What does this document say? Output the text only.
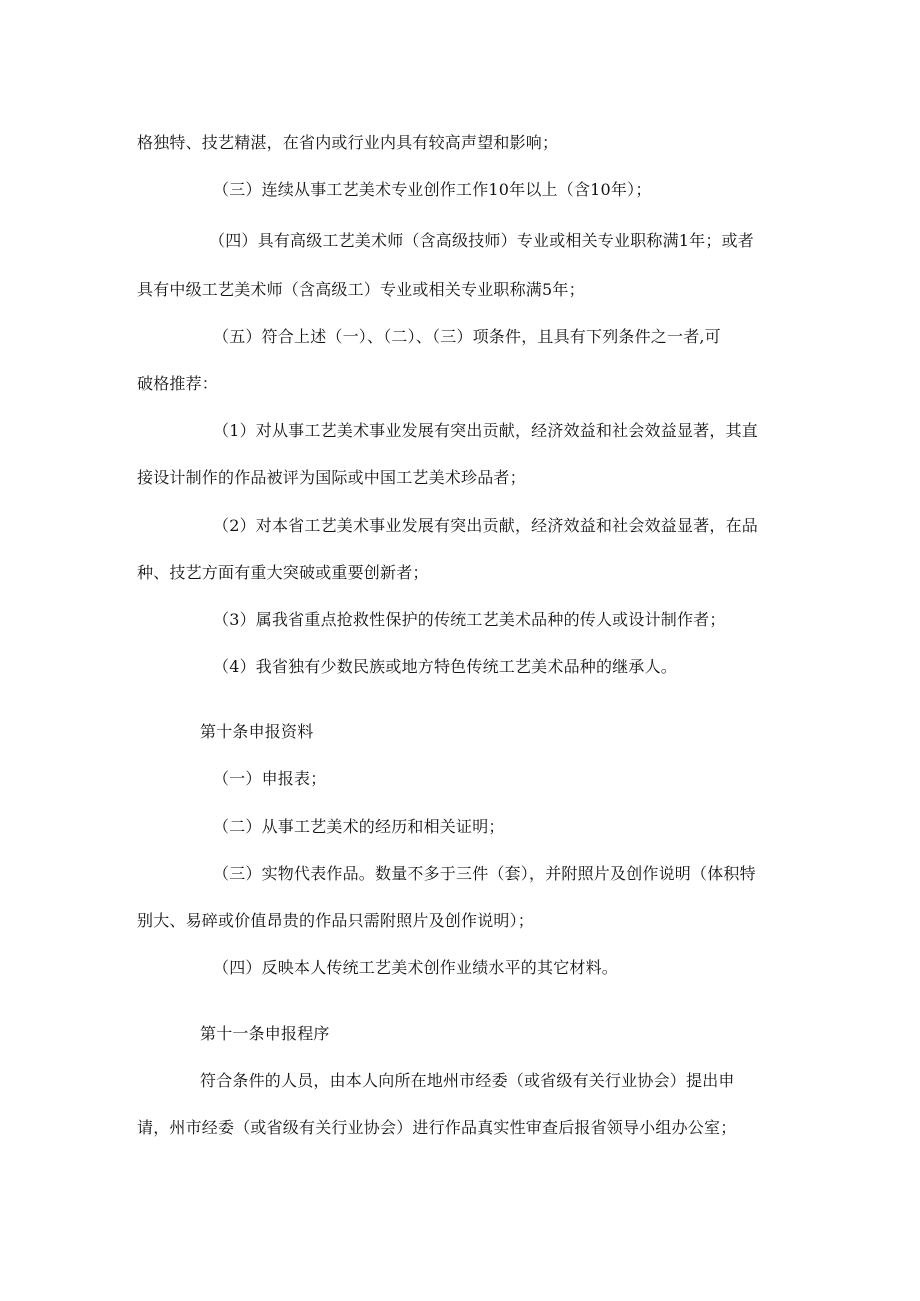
格独特、技艺精湛，在省内或行业内具有较高声望和影响；
（三）连续从事工艺美术专业创作工作10年以上（含10年）；
（四）具有高级工艺美术师（含高级技师）专业或相关专业职称满1年；或者
具有中级工艺美术师（含高级工）专业或相关专业职称满5年；
（五）符合上述（一）、（二）、（三）项条件，且具有下列条件之一者,可
破格推荐：
（1）对从事工艺美术事业发展有突出贡献，经济效益和社会效益显著，其直
接设计制作的作品被评为国际或中国工艺美术珍品者；
（2）对本省工艺美术事业发展有突出贡献，经济效益和社会效益显著，在品
种、技艺方面有重大突破或重要创新者；
（3）属我省重点抢救性保护的传统工艺美术品种的传人或设计制作者；
（4）我省独有少数民族或地方特色传统工艺美术品种的继承人。
第十条申报资料
（一）申报表；
（二）从事工艺美术的经历和相关证明；
（三）实物代表作品。数量不多于三件（套），并附照片及创作说明（体积特
别大、易碎或价值昂贵的作品只需附照片及创作说明）；
（四）反映本人传统工艺美术创作业绩水平的其它材料。
第十一条申报程序
符合条件的人员，由本人向所在地州市经委（或省级有关行业协会）提出申
请，州市经委（或省级有关行业协会）进行作品真实性审查后报省领导小组办公室；
